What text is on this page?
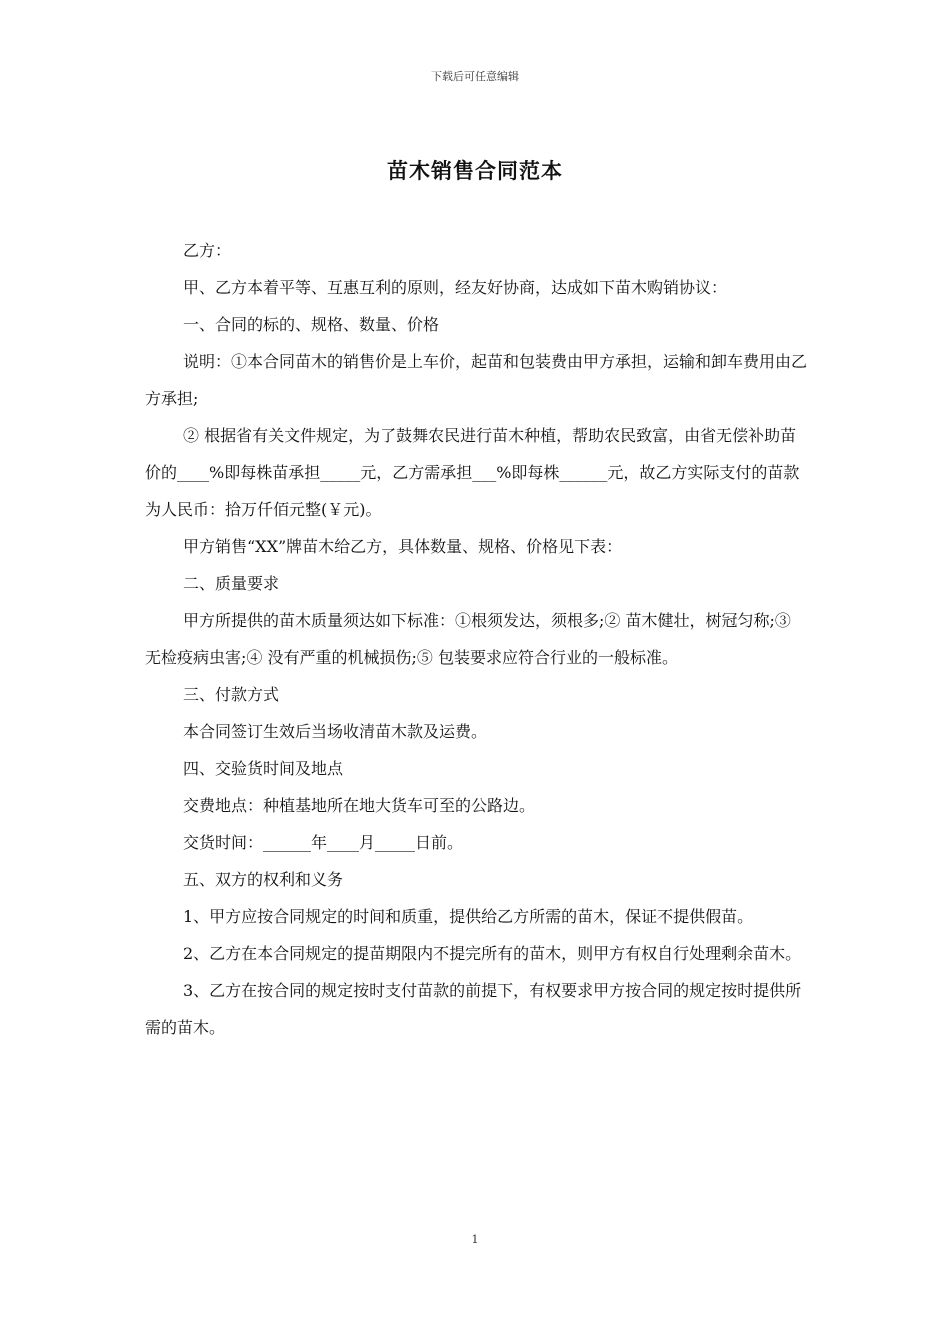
下载后可任意编辑
苗木销售合同范本

乙方：

甲、乙方本着平等、互惠互利的原则，经友好协商，达成如下苗木购销协议：

一、合同的标的、规格、数量、价格

说明：①本合同苗木的销售价是上车价，起苗和包装费由甲方承担，运输和卸车费用由乙方承担;

② 根据省有关文件规定，为了鼓舞农民进行苗木种植，帮助农民致富，由省无偿补助苗价的____%即每株苗承担_____元，乙方需承担___%即每株______元，故乙方实际支付的苗款为人民币：拾万仟佰元整(￥元)。

甲方销售“XX”牌苗木给乙方，具体数量、规格、价格见下表：

二、质量要求

甲方所提供的苗木质量须达如下标准：①根须发达，须根多;② 苗木健壮，树冠匀称;③ 无检疫病虫害;④ 没有严重的机械损伤;⑤ 包装要求应符合行业的一般标准。

三、付款方式

本合同签订生效后当场收清苗木款及运费。

四、交验货时间及地点

交费地点：种植基地所在地大货车可至的公路边。

交货时间：______年____月_____日前。

五、双方的权利和义务

1、甲方应按合同规定的时间和质重，提供给乙方所需的苗木，保证不提供假苗。

2、乙方在本合同规定的提苗期限内不提完所有的苗木，则甲方有权自行处理剩余苗木。

3、乙方在按合同的规定按时支付苗款的前提下，有权要求甲方按合同的规定按时提供所需的苗木。

1
